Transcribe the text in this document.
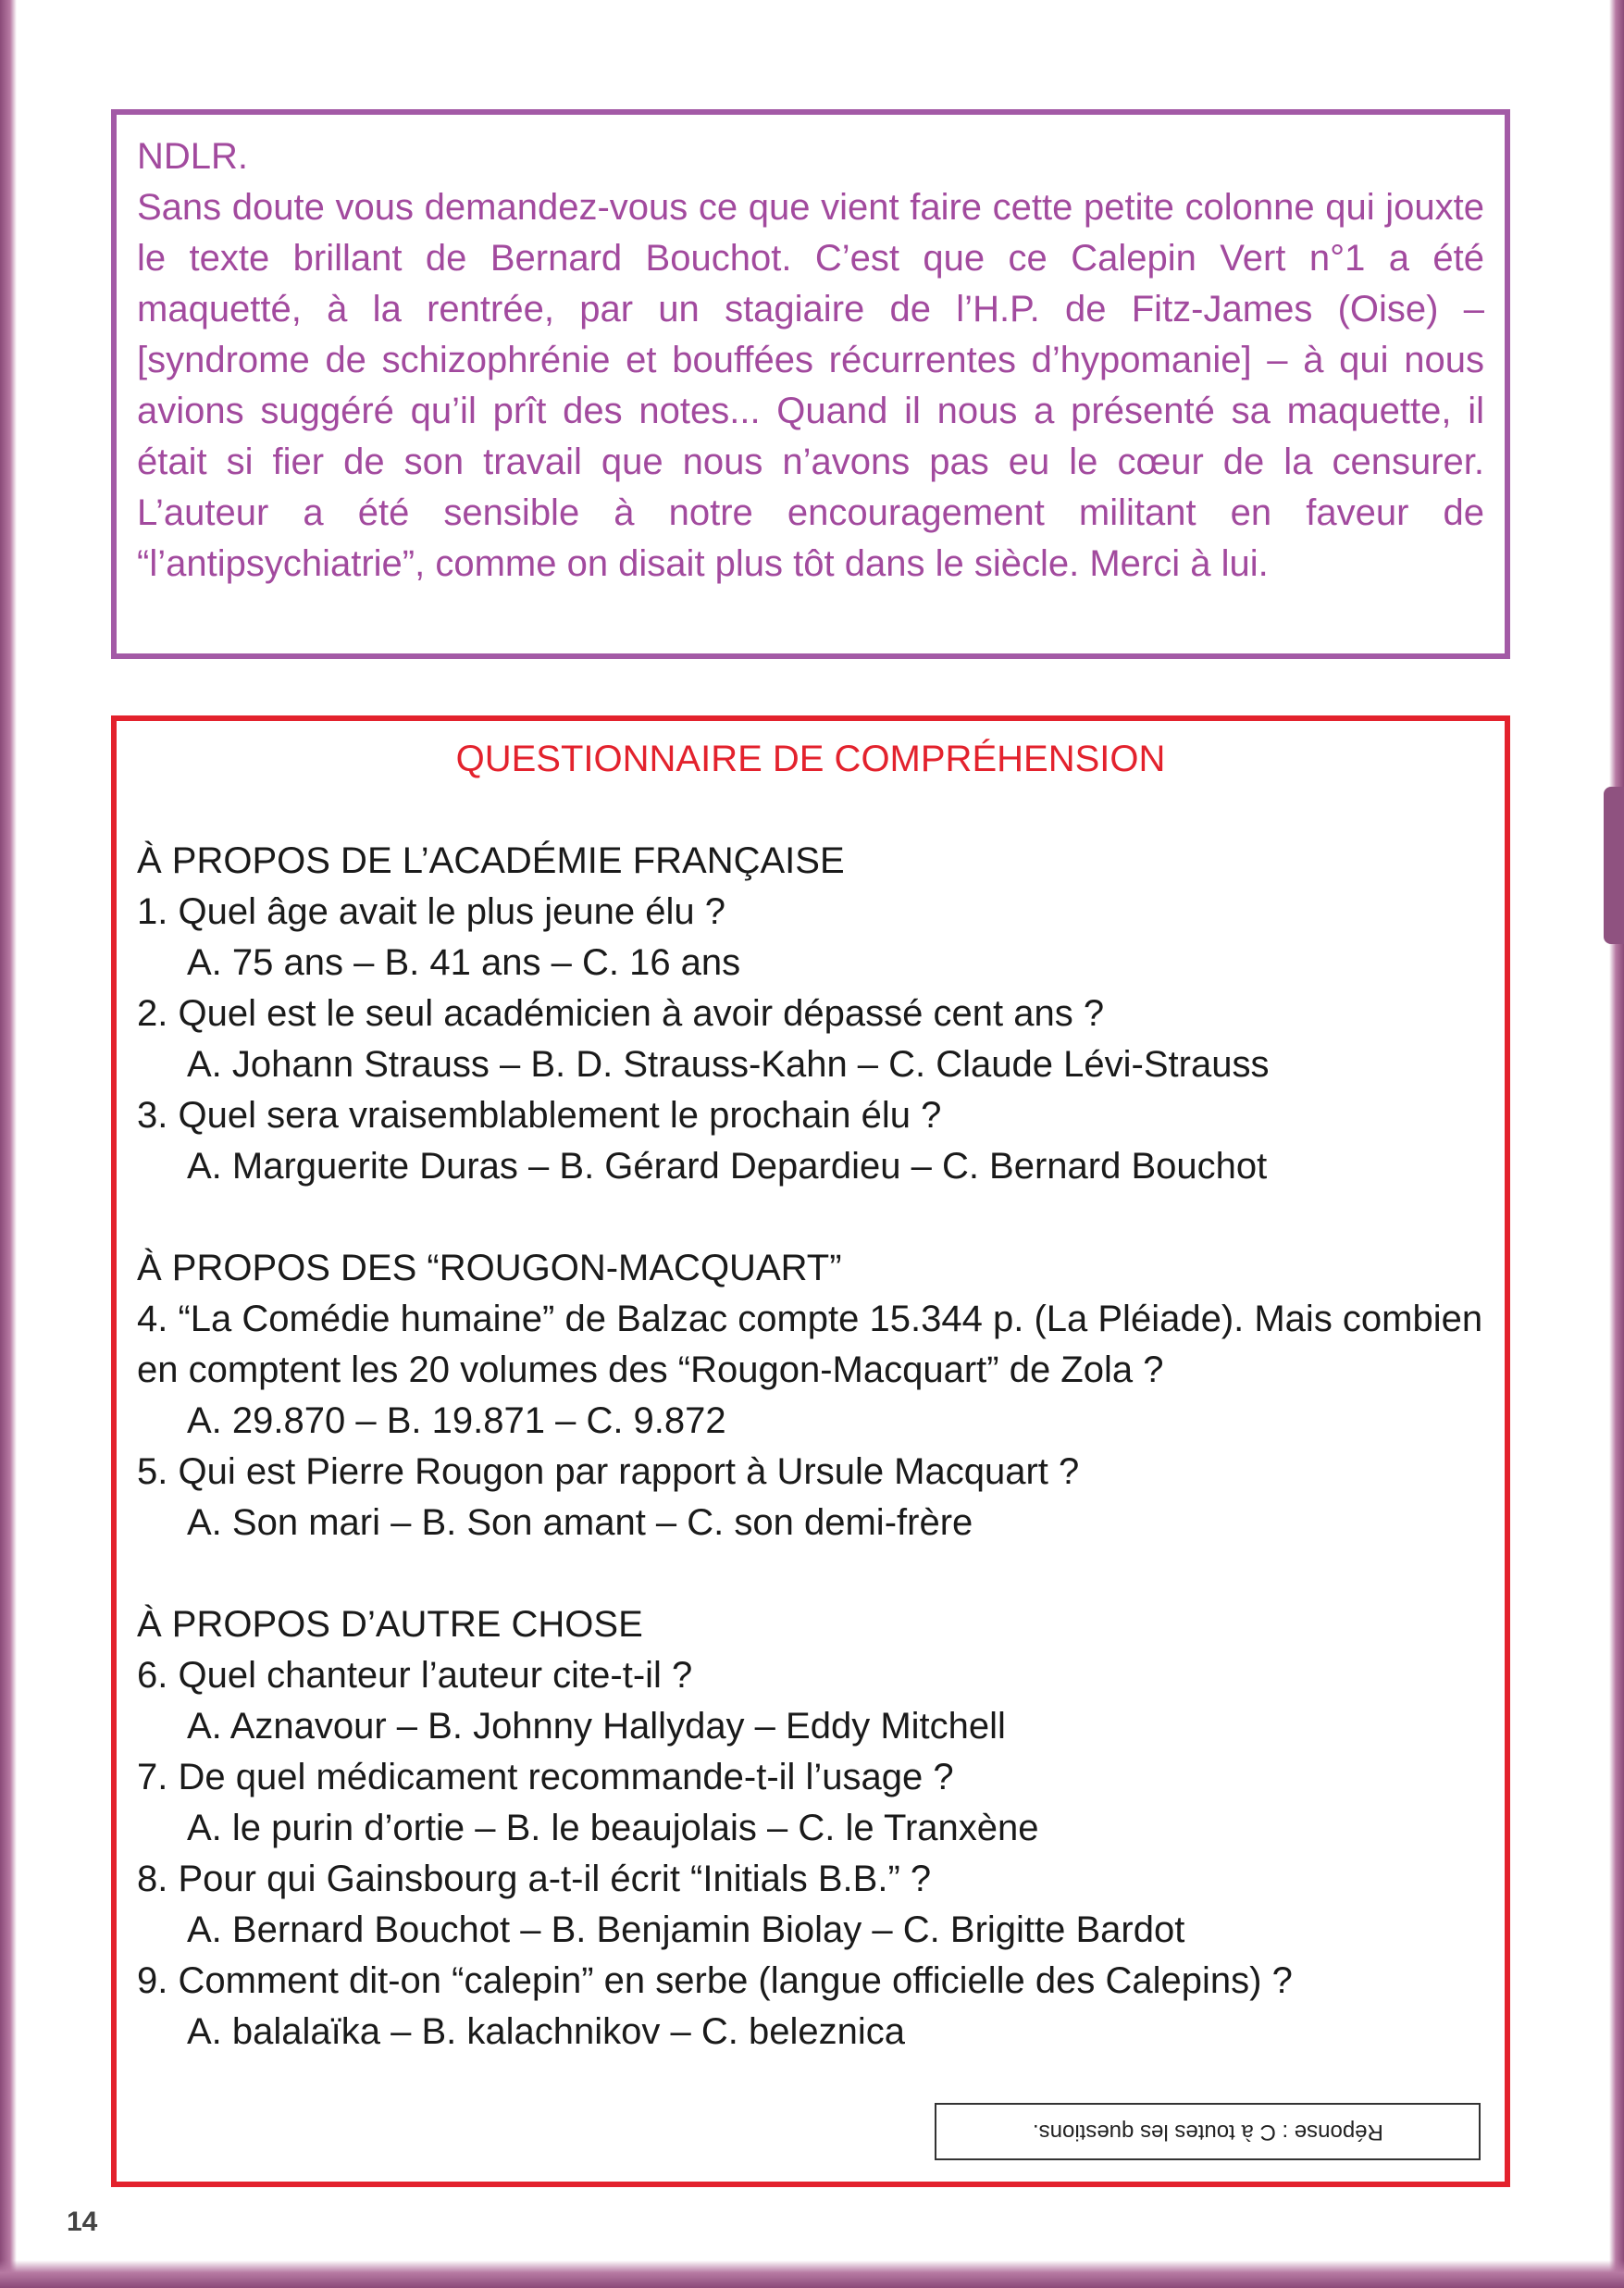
NDLR.

Sans doute vous demandez-vous ce que vient faire cette petite colonne qui jouxte le texte brillant de Bernard Bouchot. C’est que ce Calepin Vert n°1 a été maquetté, à la rentrée, par un stagiaire de l’H.P. de Fitz-James (Oise) – [syndrome de schizophrénie et bouffées récurrentes d’hypomanie] – à qui nous avions suggéré qu’il prît des notes... Quand il nous a présenté sa maquette, il était si fier de son travail que nous n’avons pas eu le cœur de la censurer. L’auteur a été sensible à notre encouragement militant en faveur de “l’antipsychiatrie”, comme on disait plus tôt dans le siècle. Merci à lui.

QUESTIONNAIRE DE COMPRÉHENSION

À PROPOS DE L’ACADÉMIE FRANÇAISE

1. Quel âge avait le plus jeune élu ?

A. 75 ans – B. 41 ans – C. 16 ans

2. Quel est le seul académicien à avoir dépassé cent ans ?

A. Johann Strauss – B. D. Strauss-Kahn – C. Claude Lévi-Strauss

3. Quel sera vraisemblablement le prochain élu ?

A. Marguerite Duras – B. Gérard Depardieu – C. Bernard Bouchot

À PROPOS DES “ROUGON-MACQUART”

4. “La Comédie humaine” de Balzac compte 15.344 p. (La Pléiade). Mais combien en comptent les 20 volumes des “Rougon-Macquart” de Zola ?

A. 29.870 – B. 19.871 – C. 9.872

5. Qui est Pierre Rougon par rapport à Ursule Macquart ?

A. Son mari – B. Son amant – C. son demi-frère

À PROPOS D’AUTRE CHOSE

6. Quel chanteur l’auteur cite-t-il ?

A. Aznavour – B. Johnny Hallyday – Eddy Mitchell

7. De quel médicament recommande-t-il l’usage ?

A. le purin d’ortie – B. le beaujolais – C. le Tranxène

8. Pour qui Gainsbourg a-t-il écrit “Initials B.B.” ?

A. Bernard Bouchot – B. Benjamin Biolay – C. Brigitte Bardot

9. Comment dit-on “calepin” en serbe (langue officielle des Calepins) ?

A. balalaïka – B. kalachnikov – C. beleznica

Réponse : C à toutes les questions.
14
